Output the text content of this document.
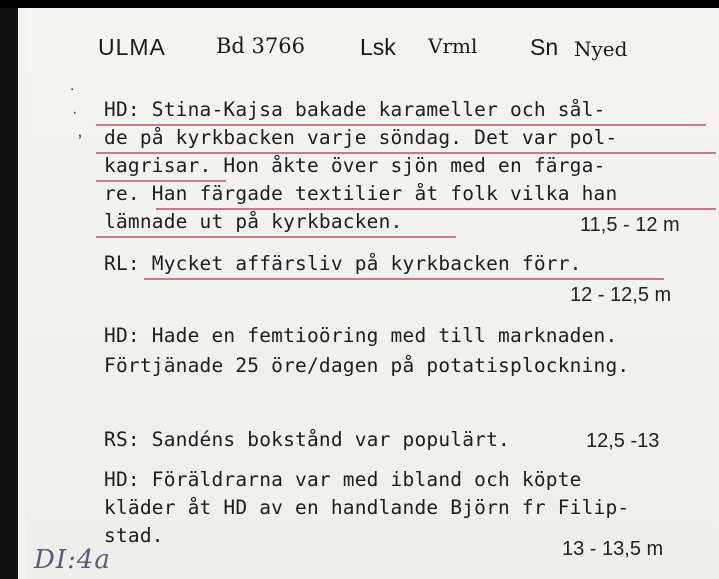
ULMA Bd 3766 Lsk Vrml Sn Nyed
˙
·
ʼ
HD: Stina-Kajsa bakade karameller och sål-
de på kyrkbacken varje söndag. Det var pol-
kagrisar. Hon åkte över sjön med en färga-
re. Han färgade textilier åt folk vilka han
lämnade ut på kyrkbacken.	11,5 - 12 m
RL: Mycket affärsliv på kyrkbacken förr.
12 - 12,5 m
HD: Hade en femtioöring med till marknaden.
Förtjänade 25 öre/dagen på potatisplockning.
RS: Sandéns bokstånd var populärt.	12,5 -13
HD: Föräldrarna var med ibland och köpte
kläder åt HD av en handlande Björn fr Filip-
stad.
13 - 13,5 m
DI:4a
